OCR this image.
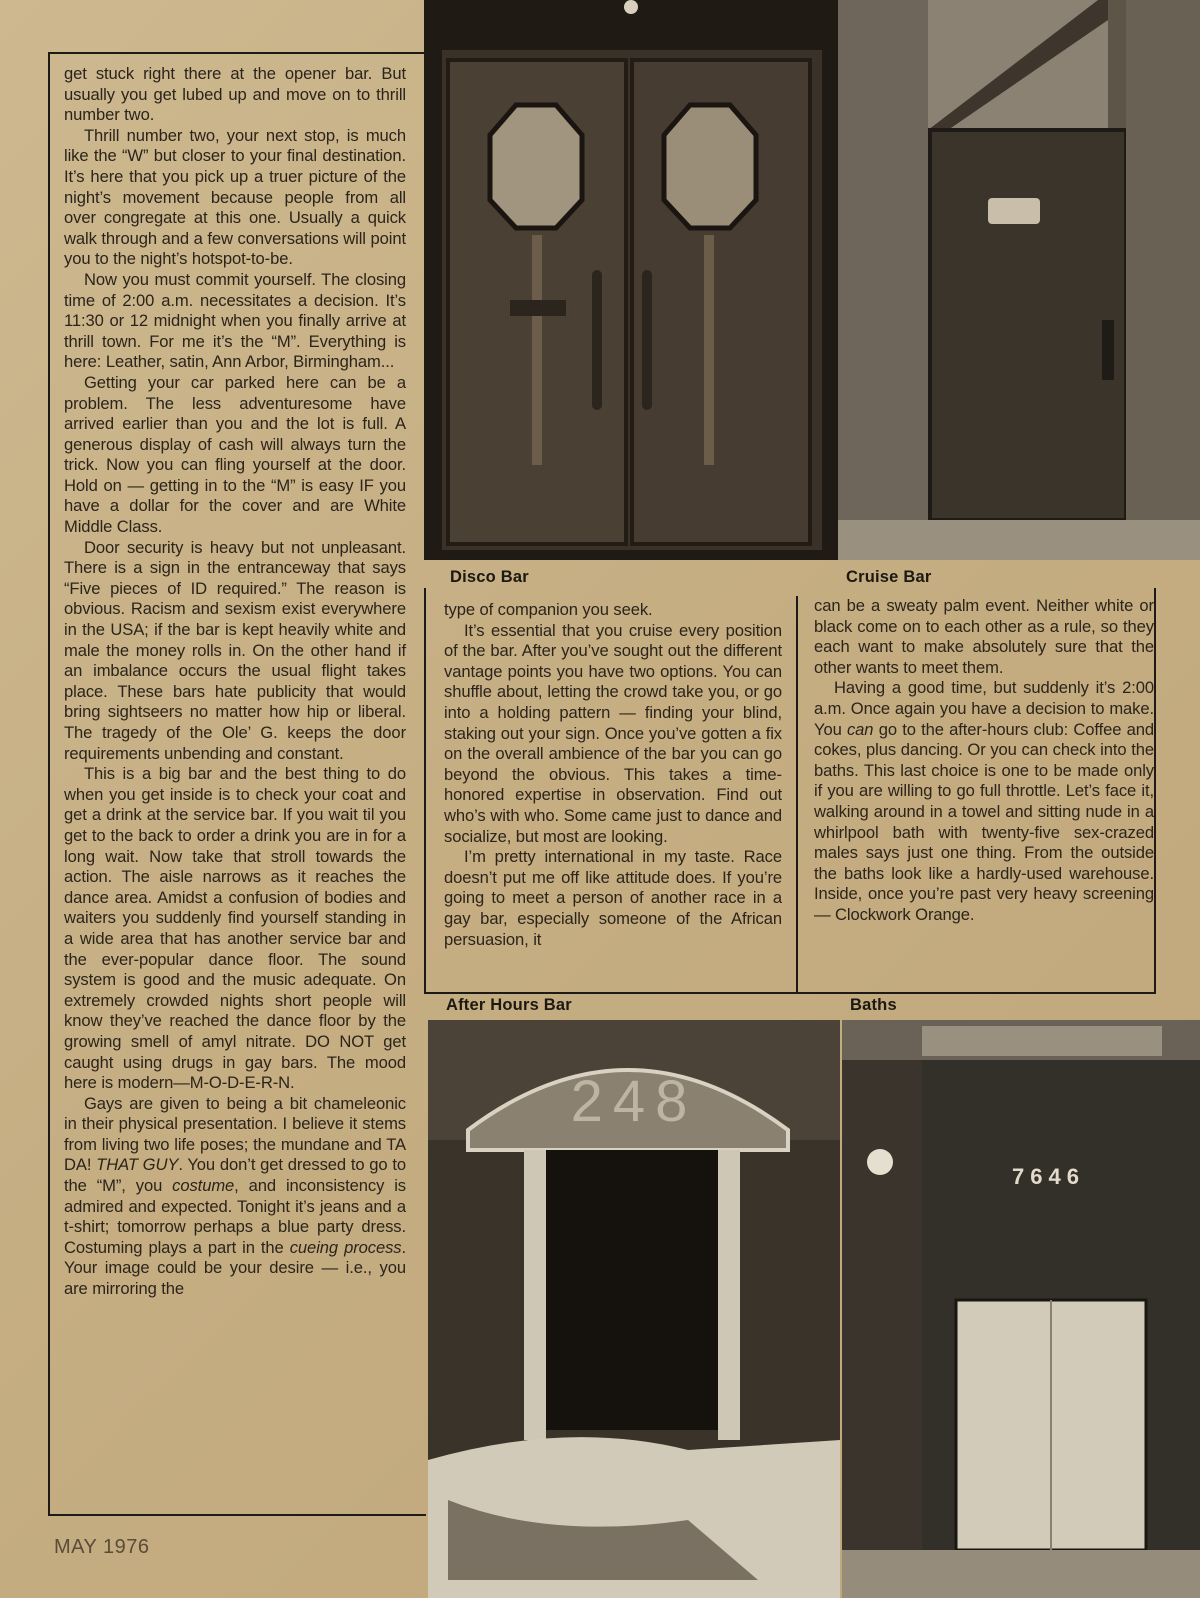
get stuck right there at the opener bar. But usually you get lubed up and move on to thrill number two.

Thrill number two, your next stop, is much like the “W” but closer to your final destination. It’s here that you pick up a truer picture of the night’s movement because people from all over congregate at this one. Usually a quick walk through and a few conversations will point you to the night’s hotspot-to-be.

Now you must commit yourself. The closing time of 2:00 a.m. necessitates a decision. It’s 11:30 or 12 midnight when you finally arrive at thrill town. For me it’s the “M”. Everything is here: Leather, satin, Ann Arbor, Birmingham...

Getting your car parked here can be a problem. The less adventuresome have arrived earlier than you and the lot is full. A generous display of cash will always turn the trick. Now you can fling yourself at the door. Hold on — getting in to the “M” is easy IF you have a dollar for the cover and are White Middle Class.

Door security is heavy but not unpleasant. There is a sign in the entranceway that says “Five pieces of ID required.” The reason is obvious. Racism and sexism exist everywhere in the USA; if the bar is kept heavily white and male the money rolls in. On the other hand if an imbalance occurs the usual flight takes place. These bars hate publicity that would bring sightseers no matter how hip or liberal. The tragedy of the Ole’ G. keeps the door requirements unbending and constant.

This is a big bar and the best thing to do when you get inside is to check your coat and get a drink at the service bar. If you wait til you get to the back to order a drink you are in for a long wait. Now take that stroll towards the action. The aisle narrows as it reaches the dance area. Amidst a confusion of bodies and waiters you suddenly find yourself standing in a wide area that has another service bar and the ever-popular dance floor. The sound system is good and the music adequate. On extremely crowded nights short people will know they’ve reached the dance floor by the growing smell of amyl nitrate. DO NOT get caught using drugs in gay bars. The mood here is modern—M-O-D-E-R-N.

Gays are given to being a bit chameleonic in their physical presentation. I believe it stems from living two life poses; the mundane and TA DA! THAT GUY. You don’t get dressed to go to the “M”, you costume, and inconsistency is admired and expected. Tonight it’s jeans and a t-shirt; tomorrow perhaps a blue party dress. Costuming plays a part in the cueing process. Your image could be your desire — i.e., you are mirroring the

type of companion you seek.

It’s essential that you cruise every position of the bar. After you’ve sought out the different vantage points you have two options. You can shuffle about, letting the crowd take you, or go into a holding pattern — finding your blind, staking out your sign. Once you’ve gotten a fix on the overall ambience of the bar you can go beyond the obvious. This takes a time-honored expertise in observation. Find out who’s with who. Some came just to dance and socialize, but most are looking.

I’m pretty international in my taste. Race doesn’t put me off like attitude does. If you’re going to meet a person of another race in a gay bar, especially someone of the African persuasion, it

can be a sweaty palm event. Neither white or black come on to each other as a rule, so they each want to make absolutely sure that the other wants to meet them.

Having a good time, but suddenly it’s 2:00 a.m. Once again you have a decision to make. You can go to the after-hours club: Coffee and cokes, plus dancing. Or you can check into the baths. This last choice is one to be made only if you are willing to go full throttle. Let’s face it, walking around in a towel and sitting nude in a whirlpool bath with twenty-five sex-crazed males says just one thing. From the outside the baths look like a hardly-used warehouse. Inside, once you’re past very heavy screening — Clockwork Orange.

Disco Bar	Cruise Bar
After Hours Bar	Baths
248
7646
MAY 1976
